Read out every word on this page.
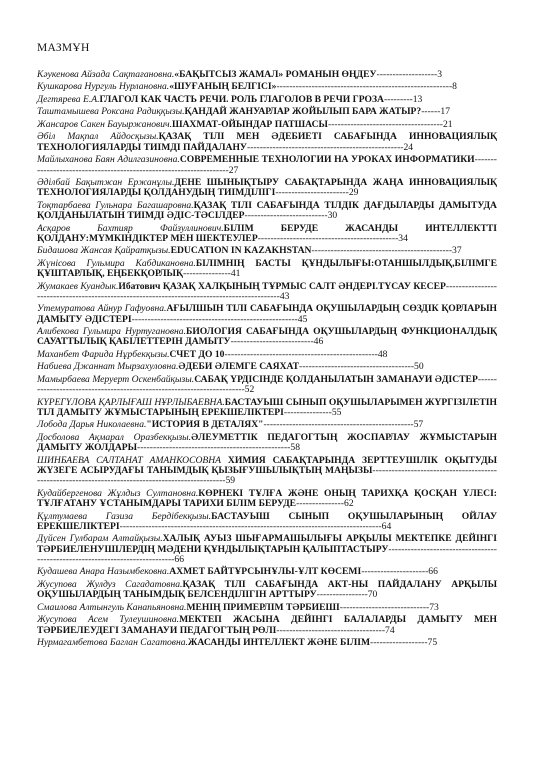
МАЗМҰН

Кәукенова Айзада Сақтағановна.«БАҚЫТСЫЗ ЖАМАЛ» РОМАНЫН ӨҢДЕУ-------------------3

Кушкарова Нургуль Нурлановна.«ШУҒАНЫҢ БЕЛГІСІ»-------------------------------------------------------8

Дегтярева Е.А.ГЛАГОЛ КАК ЧАСТЬ РЕЧИ. РОЛЬ ГЛАГОЛОВ В РЕЧИ ГРОЗА---------13

Таштамышева Роксана Радиққызы.ҚАНДАЙ ЖАНУАРЛАР ЖОЙЫЛЫП БАРА ЖАТЫР?------17

Жансаров Сакен Бауыржанович.ШАХМАТ-ОЙЫНДАР ПАТШАСЫ------------------------------------21

Әбіл Мақпал Айдосқызы.ҚАЗАҚ ТІЛІ МЕН ӘДЕБИЕТІ САБАҒЫНДА ИННОВАЦИЯЛЫҚ ТЕХНОЛОГИЯЛАРДЫ ТИІМДІ ПАЙДАЛАНУ-------------------------------------------------24

Майлыханова Баян Адилгазиновна.СОВРЕМЕННЫЕ ТЕХНОЛОГИИ НА УРОКАХ ИНФОРМАТИКИ-------------------------------------------------------------------27

Әділбай Бақытжан Ержанұлы.ДЕНЕ ШЫНЫҚТЫРУ САБАҚТАРЫНДА ЖАҢА ИННОВАЦИЯЛЫҚ ТЕХНОЛОГИЯЛАРДЫ ҚОЛДАНУДЫҢ ТИІМДІЛІГІ-----------------------29

Тоқтарбаева Гульнара Багашаровна.ҚАЗАҚ ТІЛІ САБАҒЫНДА ТІЛДІК ДАҒДЫЛАРДЫ ДАМЫТУДА ҚОЛДАНЫЛАТЫН ТИІМДІ ӘДІС-ТӘСІЛДЕР--------------------------30

Асқаров Бахтияр Файзуллинович.БІЛІМ БЕРУДЕ ЖАСАНДЫ ИНТЕЛЛЕКТТІ ҚОЛДАНУ:МҮМКІНДІКТЕР МЕН ШЕКТЕУЛЕР--------------------------------------------34

Бидашова Жансая Қайратқызы.EDUCATION IN KAZAKHSTAN--------------------------------------------37

Жүнісова Гульмира Кабдикановна.БІЛІМНІҢ БАСТЫ ҚҰНДЫЛЫҒЫ:ОТАНШЫЛДЫҚ,БІЛІМГЕ ҚҰШТАРЛЫҚ, ЕҢБЕКҚОРЛЫҚ---------------41

Жумакаев Куандык.Ибатович ҚАЗАҚ ХАЛҚЫНЫҢ ТҰРМЫС САЛТ ӘНДЕРІ.ТҮСАУ КЕСЕР--------------------------------------------------------------------------------------------43

Утемуратова Айнур Гафуовна.АҒЫЛШЫН ТІЛІ САБАҒЫНДА ОҚУШЫЛАРДЫҢ СӨЗДІК ҚОРЛАРЫН ДАМЫТУ ӘДІСТЕРІ----------------------------------------------------45

Алибекова Гульмира Нуртугановна.БИОЛОГИЯ САБАҒЫНДА ОҚУШЫЛАРДЫҢ ФУНКЦИОНАЛДЫҚ САУАТТЫЛЫҚ ҚАБІЛЕТТЕРІН ДАМЫТУ--------------------------46

Маханбет Фарида Нұрбекқызы.СЧЕТ ДО 10------------------------------------------------48

Набиева Джаннат Мырзахуловна.ӘДЕБИ ӘЛЕМГЕ САЯХАТ------------------------------------50

Мамырбаева Меруерт Оскенбайқызы.САБАҚ ҮРДІСІНДЕ ҚОЛДАНЫЛАТЫН ЗАМАНАУИ ӘДІСТЕР-----------------------------------------------------------------------52

КҮРЕГҮЛОВА ҚАРЛЫҒАШ НҰРЛЫБАЕВНА.БАСТАУЫШ СЫНЫП ОҚУШЫЛАРЫМЕН ЖҮРГІЗІЛЕТІН ТІЛ ДАМЫТУ ЖҰМЫСТАРЫНЫҢ ЕРЕКШЕЛІКТЕРІ---------------55

Лобода Дарья Николаевна."ИСТОРИЯ В ДЕТАЛЯХ"-----------------------------------------------57

Досболова Ақмарал Оразбекқызы.ӘЛЕУМЕТТІК ПЕДАГОГТЫҢ ЖОСПАРЛАУ ЖҰМЫСТАРЫН ДАМЫТУ ЖОЛДАРЫ------------------------------------------------58

ШИНБАЕВА САЛТАНАТ АМАНКОСОВНА ХИМИЯ САБАҚТАРЫНДА ЗЕРТТЕУШІЛІК ОҚЫТУДЫ ЖҮЗЕГЕ АСЫРУДАҒЫ ТАНЫМДЫҚ ҚЫЗЫҒУШЫЛЫҚТЫҢ МАҢЫЗЫ--------------------------------------------------------------------------------------------------59

Кудайбергенова Жұлдыз Султановна.КӨРНЕКІ ТҰЛҒА ЖӘНЕ ОНЫҢ ТАРИХҚА ҚОСҚАН ҮЛЕСІ: ТҰЛҒАТАНУ ҰСТАНЫМДАРЫ ТАРИХИ БІЛІМ БЕРУДЕ---------------62

Құлтумаева Газиза Бердібекқызы.БАСТАУЫШ СЫНЫП ОҚУШЫЛАРЫНЫҢ ОЙЛАУ ЕРЕКШЕЛІКТЕРІ----------------------------------------------------------------------------------64

Дүйсен Гулбарам Алтайқызы.ХАЛЫҚ АУЫЗ ШЫҒАРМАШЫЛЫҒЫ АРҚЫЛЫ МЕКТЕПКЕ ДЕЙІНГІ ТӘРБИЕЛЕНУШІЛЕРДІҢ МӘДЕНИ ҚҰНДЫЛЫҚТАРЫН ҚАЛЫПТАСТЫРУ-----------------------------------------------------------------------------66

Кудашева Анара Назымбековна.АХМЕТ БАЙТҰРСЫНҰЛЫ-ҰЛТ КӨСЕМІ---------------------66

Жусупова Жулдуз Сагадатовна.ҚАЗАҚ ТІЛІ САБАҒЫНДА АКТ-НЫ ПАЙДАЛАНУ АРҚЫЛЫ ОҚУШЫЛАРДЫҢ ТАНЫМДЫҚ БЕЛСЕНДІЛІГІН АРТТЫРУ----------------70

Смаилова Алтынгуль Канапьяновна.МЕНІҢ ПРИМЕРЛІМ ТӘРБИЕШІ----------------------------73

Жусупова Асем Тулеушиновна.МЕКТЕП ЖАСЫНА ДЕЙІНГІ БАЛАЛАРДЫ ДАМЫТУ МЕН ТӘРБИЕЛЕУДЕГІ ЗАМАНАУИ ПЕДАГОГТЫҢ РӨЛІ----------------------------------74

Нурмагамбетова Баглан Сагатовна.ЖАСАНДЫ ИНТЕЛЛЕКТ ЖӘНЕ БІЛІМ------------------75
